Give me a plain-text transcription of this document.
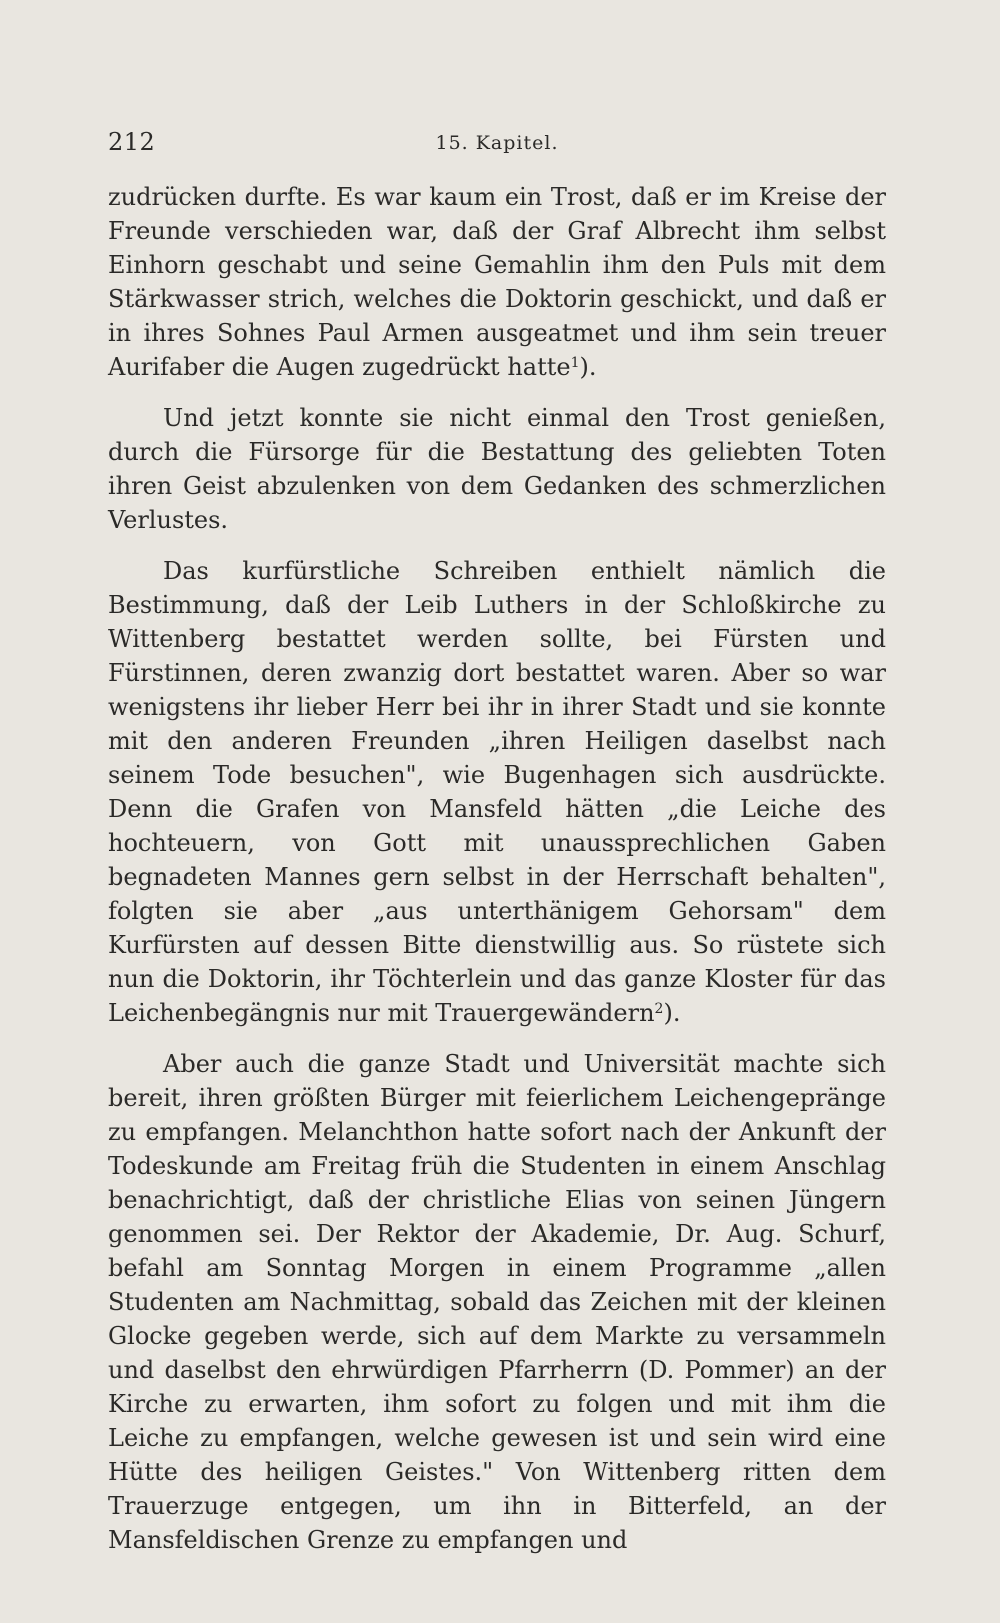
212	15. Kapitel.

zudrücken durfte. Es war kaum ein Trost, daß er im Kreise der Freunde verschieden war, daß der Graf Albrecht ihm selbst Einhorn geschabt und seine Gemahlin ihm den Puls mit dem Stärkwasser strich, welches die Doktorin geschickt, und daß er in ihres Sohnes Paul Armen ausgeatmet und ihm sein treuer Aurifaber die Augen zugedrückt hatte$^1$).

Und jetzt konnte sie nicht einmal den Trost genießen, durch die Fürsorge für die Bestattung des geliebten Toten ihren Geist abzulenken von dem Gedanken des schmerzlichen Verlustes.

Das kurfürstliche Schreiben enthielt nämlich die Bestimmung, daß der Leib Luthers in der Schloßkirche zu Wittenberg bestattet werden sollte, bei Fürsten und Fürstinnen, deren zwanzig dort bestattet waren. Aber so war wenigstens ihr lieber Herr bei ihr in ihrer Stadt und sie konnte mit den anderen Freunden „ihren Heiligen daselbst nach seinem Tode besuchen", wie Bugenhagen sich ausdrückte. Denn die Grafen von Mansfeld hätten „die Leiche des hochteuern, von Gott mit unaussprechlichen Gaben begnadeten Mannes gern selbst in der Herrschaft behalten", folgten sie aber „aus unterthänigem Gehorsam" dem Kurfürsten auf dessen Bitte dienstwillig aus. So rüstete sich nun die Doktorin, ihr Töchterlein und das ganze Kloster für das Leichenbegängnis nur mit Trauergewändern$^2$).

Aber auch die ganze Stadt und Universität machte sich bereit, ihren größten Bürger mit feierlichem Leichengepränge zu empfangen. Melanchthon hatte sofort nach der Ankunft der Todeskunde am Freitag früh die Studenten in einem Anschlag benachrichtigt, daß der christliche Elias von seinen Jüngern genommen sei. Der Rektor der Akademie, Dr. Aug. Schurf, befahl am Sonntag Morgen in einem Programme „allen Studenten am Nachmittag, sobald das Zeichen mit der kleinen Glocke gegeben werde, sich auf dem Markte zu versammeln und daselbst den ehrwürdigen Pfarrherrn (D. Pommer) an der Kirche zu erwarten, ihm sofort zu folgen und mit ihm die Leiche zu empfangen, welche gewesen ist und sein wird eine Hütte des heiligen Geistes." Von Wittenberg ritten dem Trauerzuge entgegen, um ihn in Bitterfeld, an der Mansfeldischen Grenze zu empfangen und
